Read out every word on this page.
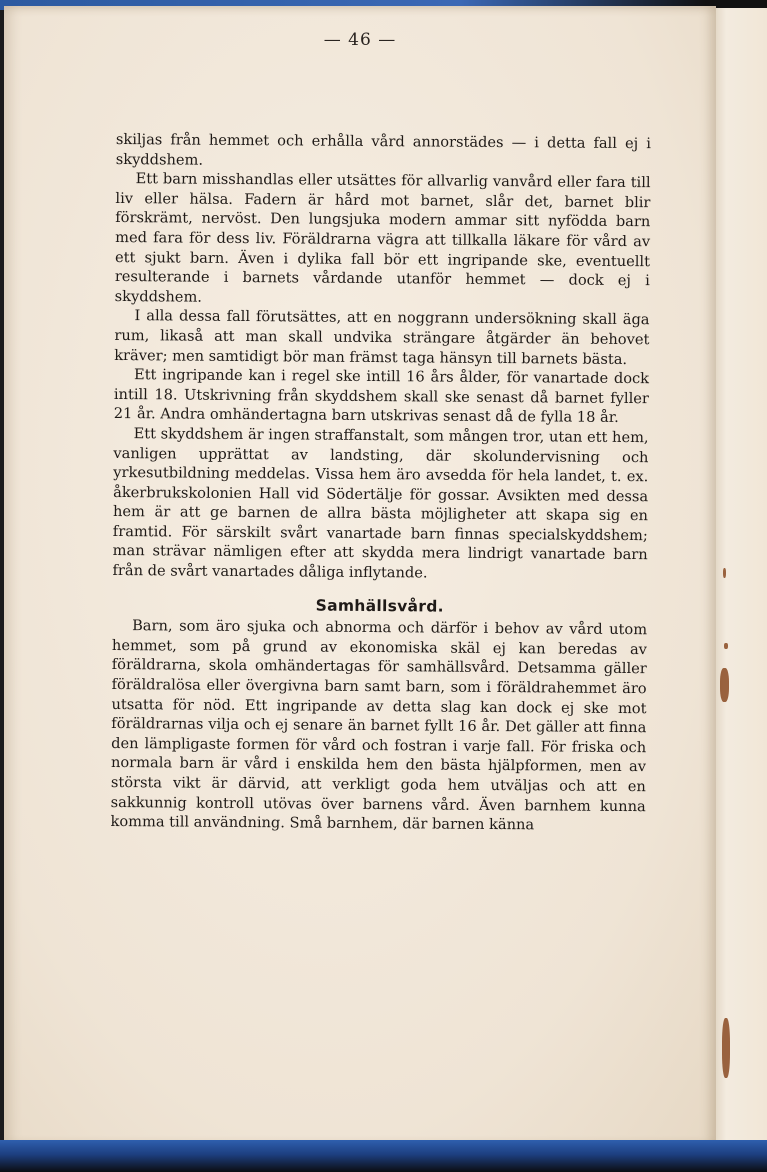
— 46 —

skiljas från hemmet och erhålla vård annorstädes — i detta fall ej i skyddshem.

Ett barn misshandlas eller utsättes för allvarlig vanvård eller fara till liv eller hälsa. Fadern är hård mot barnet, slår det, barnet blir förskrämt, nervöst. Den lungsjuka modern ammar sitt nyfödda barn med fara för dess liv. Föräldrarna vägra att tillkalla läkare för vård av ett sjukt barn. Även i dylika fall bör ett ingripande ske, eventuellt resulterande i barnets vårdande utanför hemmet — dock ej i skyddshem.

I alla dessa fall förutsättes, att en noggrann undersökning skall äga rum, likaså att man skall undvika strängare åtgärder än behovet kräver; men samtidigt bör man främst taga hänsyn till barnets bästa.

Ett ingripande kan i regel ske intill 16 års ålder, för vanartade dock intill 18. Utskrivning från skyddshem skall ske senast då barnet fyller 21 år. Andra omhändertagna barn utskrivas senast då de fylla 18 år.

Ett skyddshem är ingen straffanstalt, som mången tror, utan ett hem, vanligen upprättat av landsting, där skolundervisning och yrkesutbildning meddelas. Vissa hem äro avsedda för hela landet, t. ex. åkerbrukskolonien Hall vid Södertälje för gossar. Avsikten med dessa hem är att ge barnen de allra bästa möjligheter att skapa sig en framtid. För särskilt svårt vanartade barn finnas specialskyddshem; man strävar nämligen efter att skydda mera lindrigt vanartade barn från de svårt vanartades dåliga inflytande.

Samhällsvård.

Barn, som äro sjuka och abnorma och därför i behov av vård utom hemmet, som på grund av ekonomiska skäl ej kan beredas av föräldrarna, skola omhändertagas för samhällsvård. Detsamma gäller föräldralösa eller övergivna barn samt barn, som i föräldrahemmet äro utsatta för nöd. Ett ingripande av detta slag kan dock ej ske mot föräldrarnas vilja och ej senare än barnet fyllt 16 år. Det gäller att finna den lämpligaste formen för vård och fostran i varje fall. För friska och normala barn är vård i enskilda hem den bästa hjälpformen, men av största vikt är därvid, att verkligt goda hem utväljas och att en sakkunnig kontroll utövas över barnens vård. Även barnhem kunna komma till användning. Små barnhem, där barnen känna
